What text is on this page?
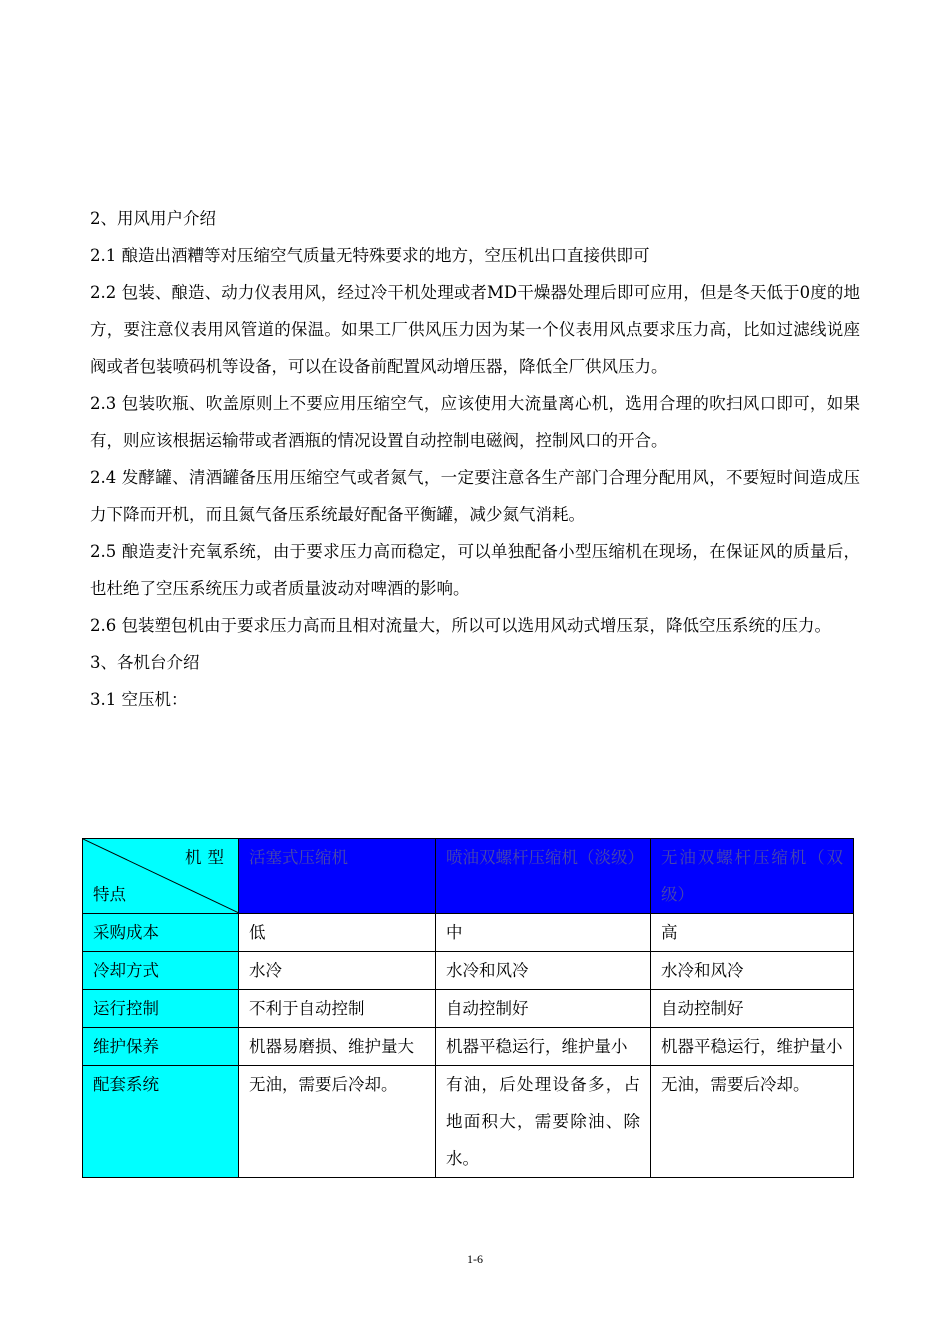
2、用风用户介绍

2.1 酿造出酒糟等对压缩空气质量无特殊要求的地方，空压机出口直接供即可

2.2 包装、酿造、动力仪表用风，经过冷干机处理或者MD干燥器处理后即可应用，但是冬天低于0度的地方，要注意仪表用风管道的保温。如果工厂供风压力因为某一个仪表用风点要求压力高，比如过滤线说座阀或者包装喷码机等设备，可以在设备前配置风动增压器，降低全厂供风压力。

2.3 包装吹瓶、吹盖原则上不要应用压缩空气，应该使用大流量离心机，选用合理的吹扫风口即可，如果有，则应该根据运输带或者酒瓶的情况设置自动控制电磁阀，控制风口的开合。

2.4 发酵罐、清酒罐备压用压缩空气或者氮气，一定要注意各生产部门合理分配用风，不要短时间造成压力下降而开机，而且氮气备压系统最好配备平衡罐，减少氮气消耗。

2.5 酿造麦汁充氧系统，由于要求压力高而稳定，可以单独配备小型压缩机在现场，在保证风的质量后，也杜绝了空压系统压力或者质量波动对啤酒的影响。

2.6 包装塑包机由于要求压力高而且相对流量大，所以可以选用风动式增压泵，降低空压系统的压力。

3、各机台介绍

3.1 空压机：

机型
特点	活塞式压缩机	喷油双螺杆压缩机（淡级）	无油双螺杆压缩机（双级）
采购成本	低	中	高
冷却方式	水冷	水冷和风冷	水冷和风冷
运行控制	不利于自动控制	自动控制好	自动控制好
维护保养	机器易磨损、维护量大	机器平稳运行，维护量小	机器平稳运行，维护量小
配套系统	无油，需要后冷却。	有油，后处理设备多，占地面积大，需要除油、除水。	无油，需要后冷却。
1-6
